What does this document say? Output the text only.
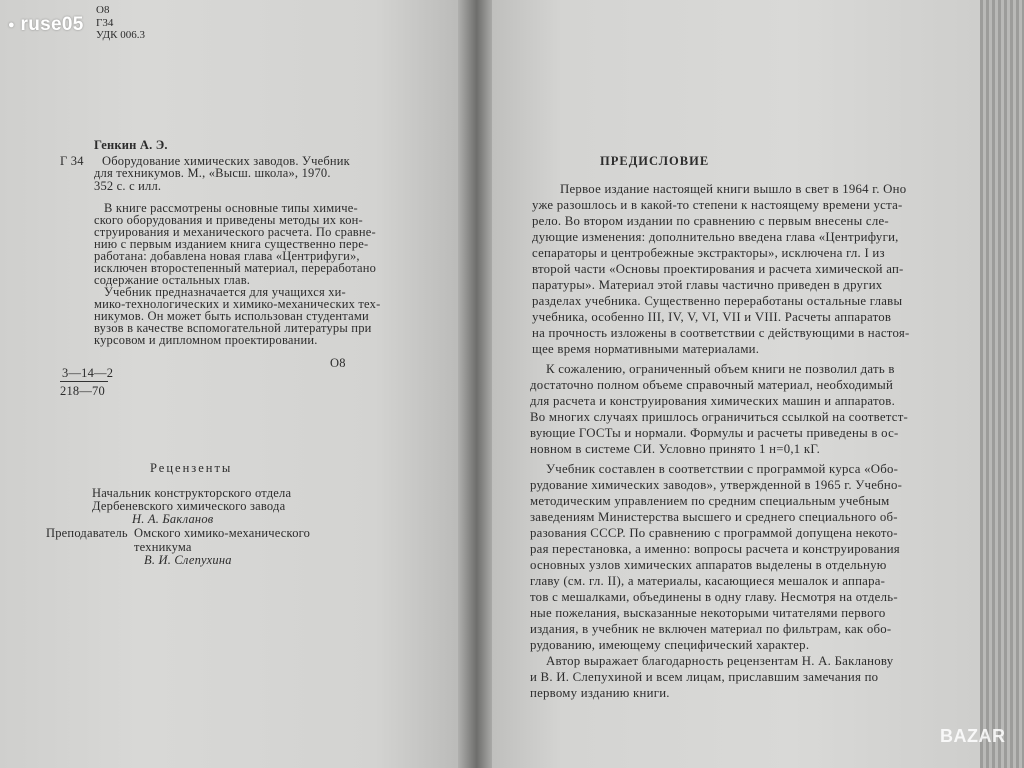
О8
Г34
УДК 006.3
Генкин А. Э.
Г 34 Оборудование химических заводов. Учебник
для техникумов. М., «Высш. школа», 1970.
352 с. с илл.
В книге рассмотрены основные типы химиче-
ского оборудования и приведены методы их кон-
струирования и механического расчета. По сравне-
нию с первым изданием книга существенно пере-
работана: добавлена новая глава «Центрифуги»,
исключен второстепенный материал, переработано
содержание остальных глав.
Учебник предназначается для учащихся хи-
мико-технологических и химико-механических тех-
никумов. Он может быть использован студентами
вузов в качестве вспомогательной литературы при
курсовом и дипломном проектировании.
О8
3—14—2
218—70
Рецензенты
Начальник конструкторского отдела
Дербеневского химического завода
Н. А. Бакланов
Преподаватель Омского химико-механического
техникума
В. И. Слепухина
ПРЕДИСЛОВИЕ
Первое издание настоящей книги вышло в свет в 1964 г. Оно
уже разошлось и в какой-то степени к настоящему времени уста-
рело. Во втором издании по сравнению с первым внесены сле-
дующие изменения: дополнительно введена глава «Центрифуги,
сепараторы и центробежные экстракторы», исключена гл. I из
второй части «Основы проектирования и расчета химической ап-
паратуры». Материал этой главы частично приведен в других
разделах учебника. Существенно переработаны остальные главы
учебника, особенно III, IV, V, VI, VII и VIII. Расчеты аппаратов
на прочность изложены в соответствии с действующими в настоя-
щее время нормативными материалами.
К сожалению, ограниченный объем книги не позволил дать в
достаточно полном объеме справочный материал, необходимый
для расчета и конструирования химических машин и аппаратов.
Во многих случаях пришлось ограничиться ссылкой на соответст-
вующие ГОСТы и нормали. Формулы и расчеты приведены в ос-
новном в системе СИ. Условно принято 1 н=0,1 кГ.
Учебник составлен в соответствии с программой курса «Обо-
рудование химических заводов», утвержденной в 1965 г. Учебно-
методическим управлением по средним специальным учебным
заведениям Министерства высшего и среднего специального об-
разования СССР. По сравнению с программой допущена некото-
рая перестановка, а именно: вопросы расчета и конструирования
основных узлов химических аппаратов выделены в отдельную
главу (см. гл. II), а материалы, касающиеся мешалок и аппара-
тов с мешалками, объединены в одну главу. Несмотря на отдель-
ные пожелания, высказанные некоторыми читателями первого
издания, в учебник не включен материал по фильтрам, как обо-
рудованию, имеющему специфический характер.
Автор выражает благодарность рецензентам Н. А. Бакланову
и В. И. Слепухиной и всем лицам, приславшим замечания по
первому изданию книги.
● ruse05
BAZAR
